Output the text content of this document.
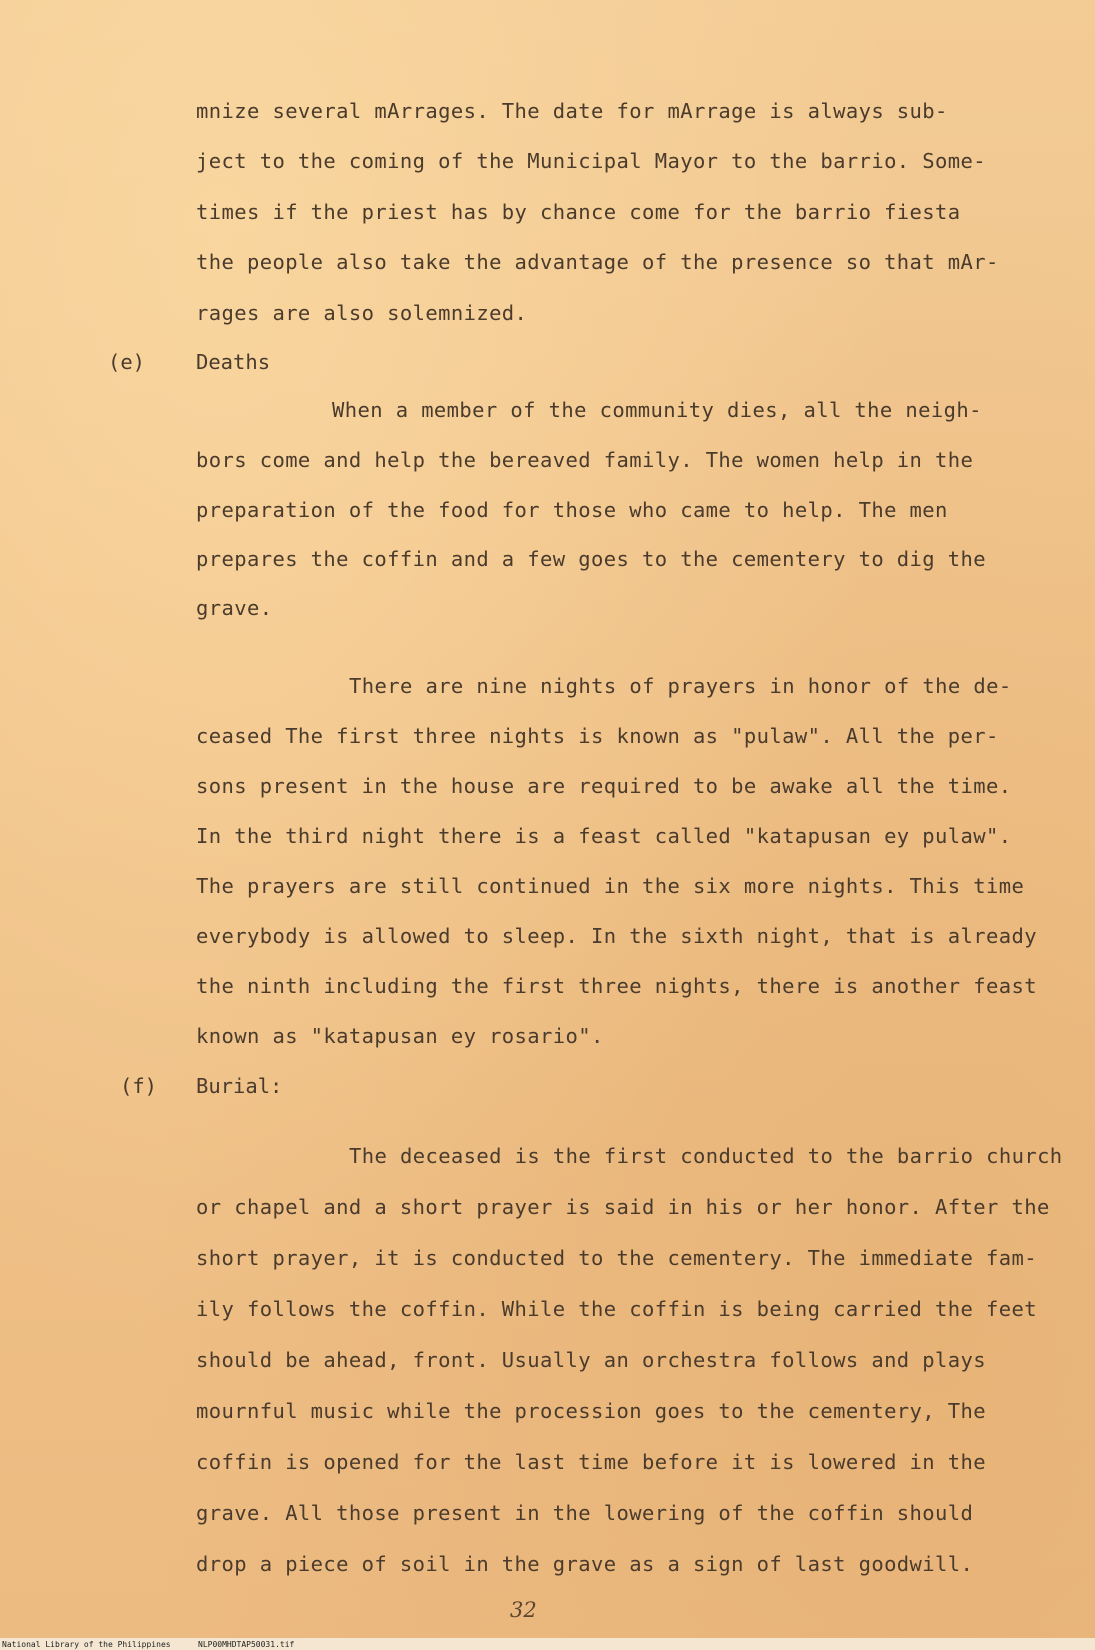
mnize several mArrages. The date for mArrage is always sub-
ject to the coming of the Municipal Mayor to the barrio. Some-
times if the priest has by chance come for the barrio fiesta
the people also take the advantage of the presence so that mAr-
rages are also solemnized.
(e) Deaths
When a member of the community dies, all the neigh-
bors come and help the bereaved family. The women help in the
preparation of the food for those who came to help. The men
prepares the coffin and a few goes to the cementery to dig the
grave.
There are nine nights of prayers in honor of the de-
ceased The first three nights is known as "pulaw". All the per-
sons present in the house are required to be awake all the time.
In the third night there is a feast called "katapusan ey pulaw".
The prayers are still continued in the six more nights. This time
everybody is allowed to sleep. In the sixth night, that is already
the ninth including the first three nights, there is another feast
known as "katapusan ey rosario".
(f) Burial:
The deceased is the first conducted to the barrio church
or chapel and a short prayer is said in his or her honor. After the
short prayer, it is conducted to the cementery. The immediate fam-
ily follows the coffin. While the coffin is being carried the feet
should be ahead, front. Usually an orchestra follows and plays
mournful music while the procession goes to the cementery, The
coffin is opened for the last time before it is lowered in the
grave. All those present in the lowering of the coffin should
drop a piece of soil in the grave as a sign of last goodwill.
32
National Library of the Philippines	NLP00MHDTAP50031.tif
